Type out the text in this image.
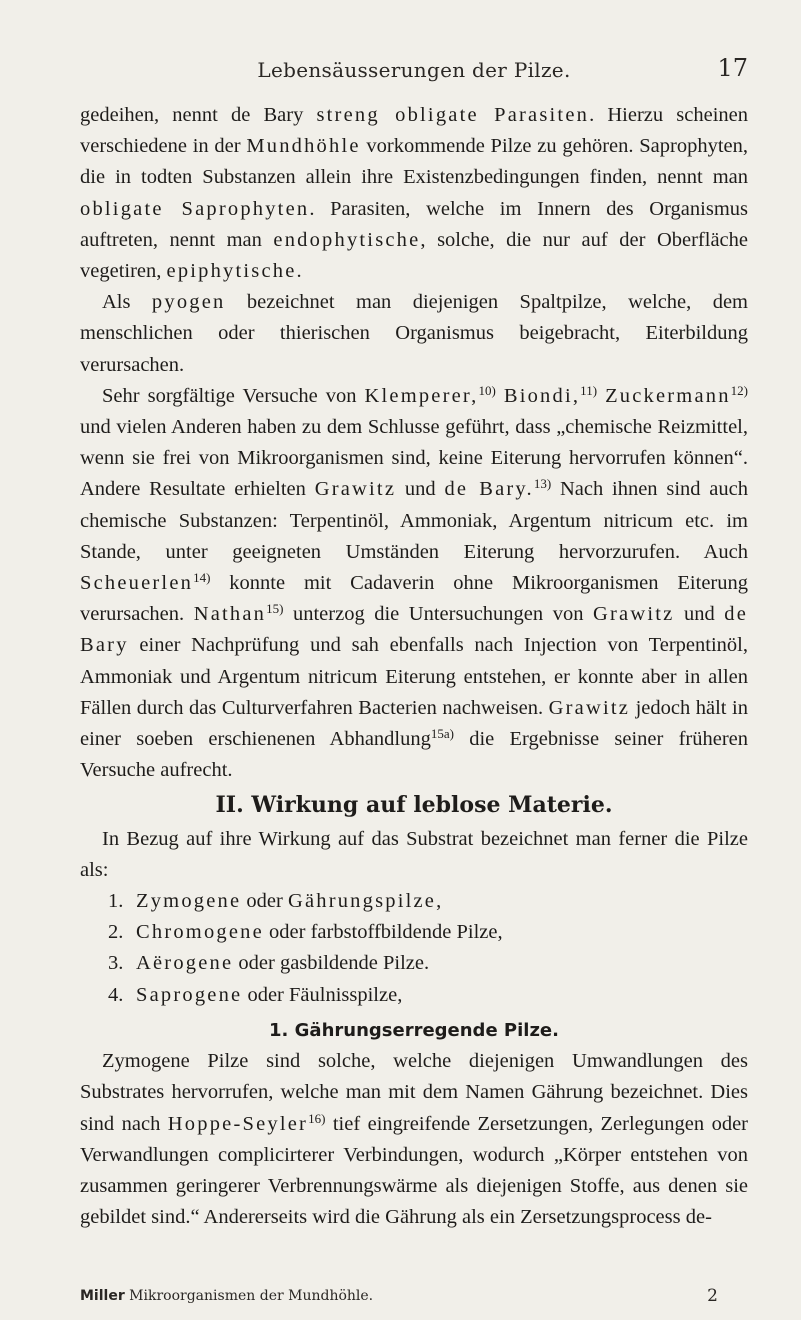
Lebensäusserungen der Pilze.	17

gedeihen, nennt de Bary streng obligate Parasiten. Hierzu scheinen verschiedene in der Mundhöhle vorkommende Pilze zu gehören. Saprophyten, die in todten Substanzen allein ihre Existenzbedingungen finden, nennt man obligate Saprophyten. Parasiten, welche im Innern des Organismus auftreten, nennt man endophytische, solche, die nur auf der Oberfläche vegetiren, epiphytische.

Als pyogen bezeichnet man diejenigen Spaltpilze, welche, dem menschlichen oder thierischen Organismus beigebracht, Eiterbildung verursachen.

Sehr sorgfältige Versuche von Klemperer,$^{10)}$ Biondi,$^{11)}$ Zuckermann$^{12)}$ und vielen Anderen haben zu dem Schlusse geführt, dass „chemische Reizmittel, wenn sie frei von Mikroorganismen sind, keine Eiterung hervorrufen können“. Andere Resultate erhielten Grawitz und de Bary.$^{13)}$ Nach ihnen sind auch chemische Substanzen: Terpentinöl, Ammoniak, Argentum nitricum etc. im Stande, unter geeigneten Umständen Eiterung hervorzurufen. Auch Scheuerlen$^{14)}$ konnte mit Cadaverin ohne Mikroorganismen Eiterung verursachen. Nathan$^{15)}$ unterzog die Untersuchungen von Grawitz und de Bary einer Nachprüfung und sah ebenfalls nach Injection von Terpentinöl, Ammoniak und Argentum nitricum Eiterung entstehen, er konnte aber in allen Fällen durch das Culturverfahren Bacterien nachweisen. Grawitz jedoch hält in einer soeben erschienenen Abhandlung$^{15a)}$ die Ergebnisse seiner früheren Versuche aufrecht.

II. Wirkung auf leblose Materie.

In Bezug auf ihre Wirkung auf das Substrat bezeichnet man ferner die Pilze als:

1. Zymogene oder Gährungspilze,
2. Chromogene oder farbstoffbildende Pilze,
3. Aërogene oder gasbildende Pilze.
4. Saprogene oder Fäulnisspilze,
1. Gährungserregende Pilze.

Zymogene Pilze sind solche, welche diejenigen Umwandlungen des Substrates hervorrufen, welche man mit dem Namen Gährung bezeichnet. Dies sind nach Hoppe-Seyler$^{16)}$ tief eingreifende Zersetzungen, Zerlegungen oder Verwandlungen complicirterer Verbindungen, wodurch „Körper entstehen von zusammen geringerer Verbrennungswärme als diejenigen Stoffe, aus denen sie gebildet sind.“ Andererseits wird die Gährung als ein Zersetzungsprocess de-

Miller Mikroorganismen der Mundhöhle.	2
